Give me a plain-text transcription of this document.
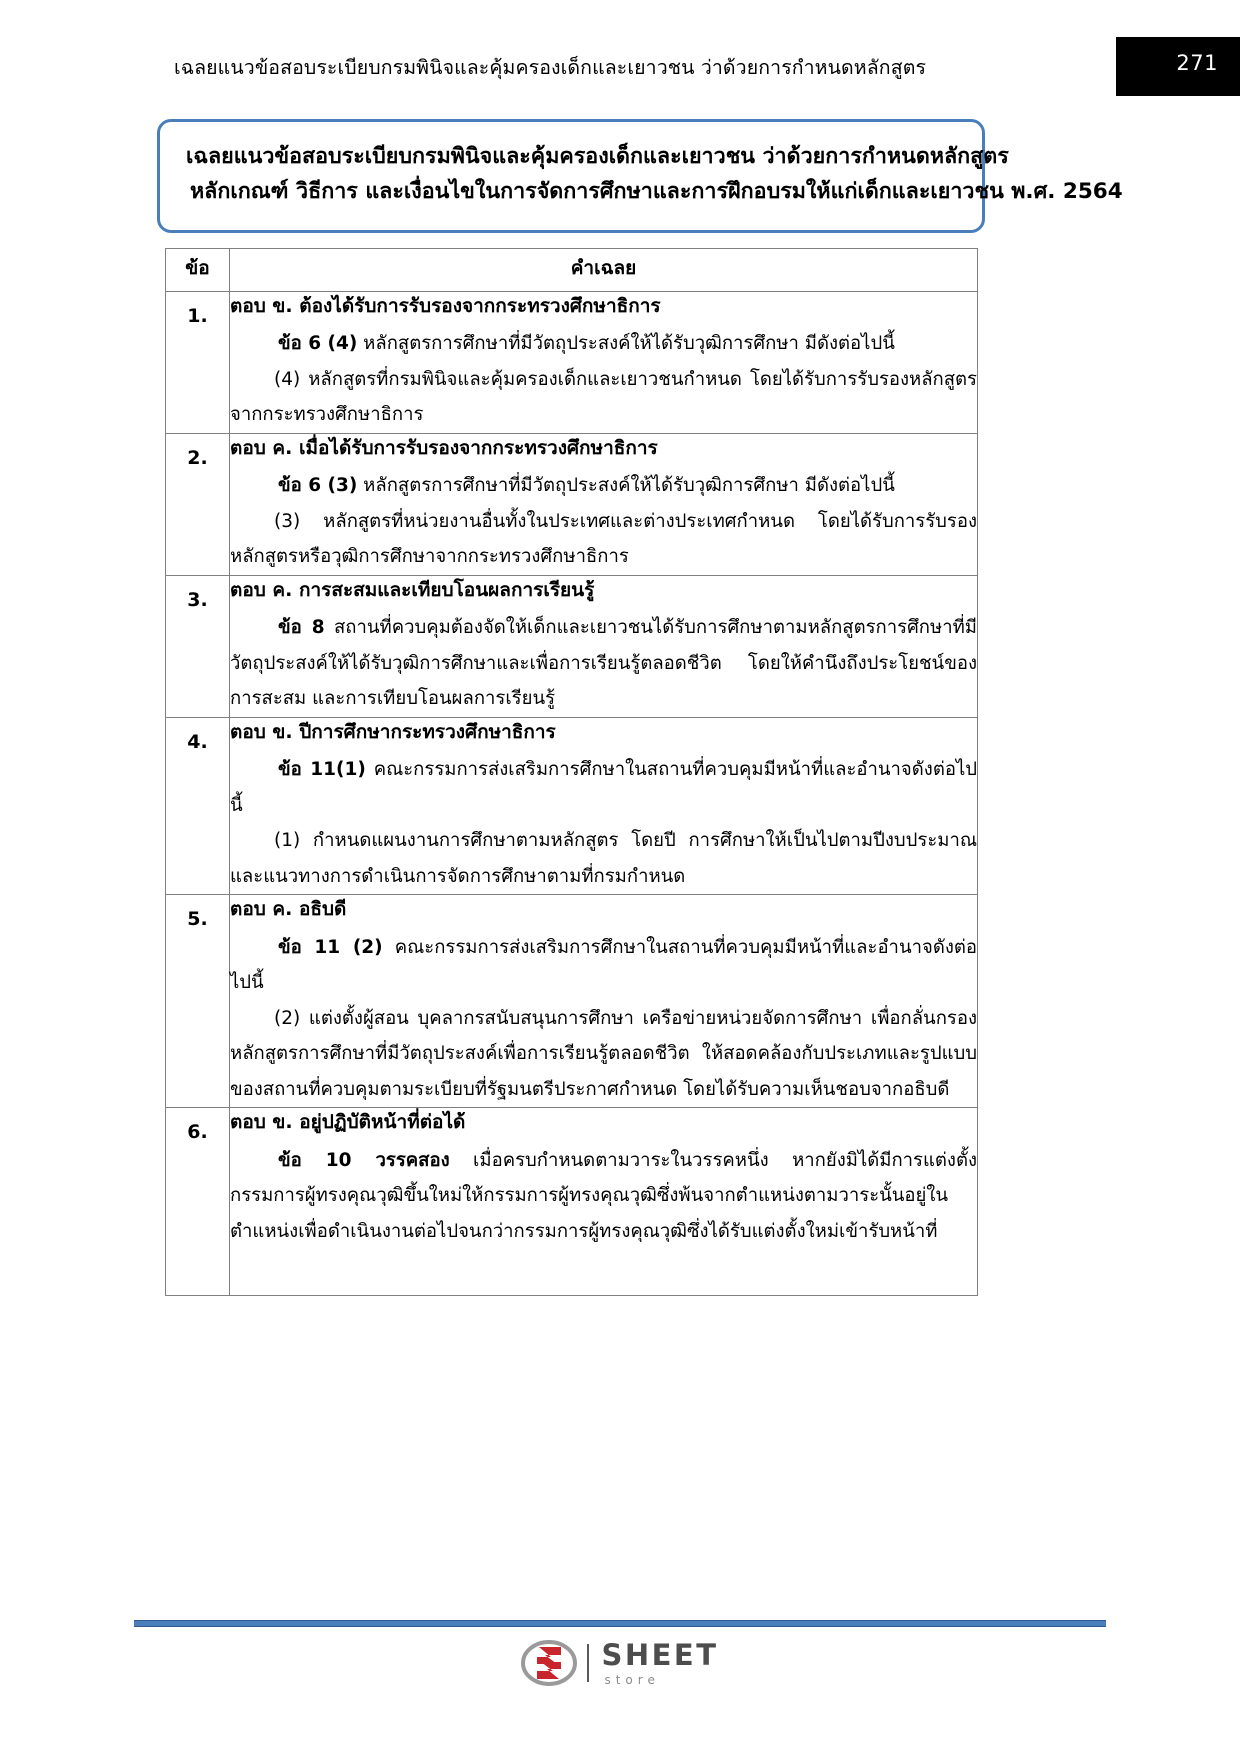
เฉลยแนวข้อสอบระเบียบกรมพินิจและคุ้มครองเด็กและเยาวชน ว่าด้วยการกำหนดหลักสูตร	271
เฉลยแนวข้อสอบระเบียบกรมพินิจและคุ้มครองเด็กและเยาวชน ว่าด้วยการกำหนดหลักสูตร
หลักเกณฑ์ วิธีการ และเงื่อนไขในการจัดการศึกษาและการฝึกอบรมให้แก่เด็กและเยาวชน พ.ศ. 2564
ข้อ	คำเฉลย

1.	ตอบ ข. ต้องได้รับการรับรองจากกระทรวงศึกษาธิการ

ข้อ 6 (4) หลักสูตรการศึกษาที่มีวัตถุประสงค์ให้ได้รับวุฒิการศึกษา มีดังต่อไปนี้

(4) หลักสูตรที่กรมพินิจและคุ้มครองเด็กและเยาวชนกำหนด โดยได้รับการรับรองหลักสูตรจากกระทรวงศึกษาธิการ

2.	ตอบ ค. เมื่อได้รับการรับรองจากกระทรวงศึกษาธิการ

ข้อ 6 (3) หลักสูตรการศึกษาที่มีวัตถุประสงค์ให้ได้รับวุฒิการศึกษา มีดังต่อไปนี้

(3) หลักสูตรที่หน่วยงานอื่นทั้งในประเทศและต่างประเทศกำหนด โดยได้รับการรับรองหลักสูตรหรือวุฒิการศึกษาจากกระทรวงศึกษาธิการ

3.	ตอบ ค. การสะสมและเทียบโอนผลการเรียนรู้

ข้อ 8 สถานที่ควบคุมต้องจัดให้เด็กและเยาวชนได้รับการศึกษาตามหลักสูตรการศึกษาที่มีวัตถุประสงค์ให้ได้รับวุฒิการศึกษาและเพื่อการเรียนรู้ตลอดชีวิต โดยให้คำนึงถึงประโยชน์ของการสะสม และการเทียบโอนผลการเรียนรู้

4.	ตอบ ข. ปีการศึกษากระทรวงศึกษาธิการ

ข้อ 11(1) คณะกรรมการส่งเสริมการศึกษาในสถานที่ควบคุมมีหน้าที่และอำนาจดังต่อไปนี้

(1) กำหนดแผนงานการศึกษาตามหลักสูตร โดยปี การศึกษาให้เป็นไปตามปีงบประมาณและแนวทางการดำเนินการจัดการศึกษาตามที่กรมกำหนด

5.	ตอบ ค. อธิบดี

ข้อ 11 (2) คณะกรรมการส่งเสริมการศึกษาในสถานที่ควบคุมมีหน้าที่และอำนาจดังต่อไปนี้

(2) แต่งตั้งผู้สอน บุคลากรสนับสนุนการศึกษา เครือข่ายหน่วยจัดการศึกษา เพื่อกลั่นกรองหลักสูตรการศึกษาที่มีวัตถุประสงค์เพื่อการเรียนรู้ตลอดชีวิต ให้สอดคล้องกับประเภทและรูปแบบของสถานที่ควบคุมตามระเบียบที่รัฐมนตรีประกาศกำหนด โดยได้รับความเห็นชอบจากอธิบดี

6.	ตอบ ข. อยู่ปฏิบัติหน้าที่ต่อได้

ข้อ 10 วรรคสอง เมื่อครบกำหนดตามวาระในวรรคหนึ่ง หากยังมิได้มีการแต่งตั้งกรรมการผู้ทรงคุณวุฒิขึ้นใหม่ให้กรรมการผู้ทรงคุณวุฒิซึ่งพ้นจากตำแหน่งตามวาระนั้นอยู่ในตำแหน่งเพื่อดำเนินงานต่อไปจนกว่ากรรมการผู้ทรงคุณวุฒิซึ่งได้รับแต่งตั้งใหม่เข้ารับหน้าที่

SHEET
store
